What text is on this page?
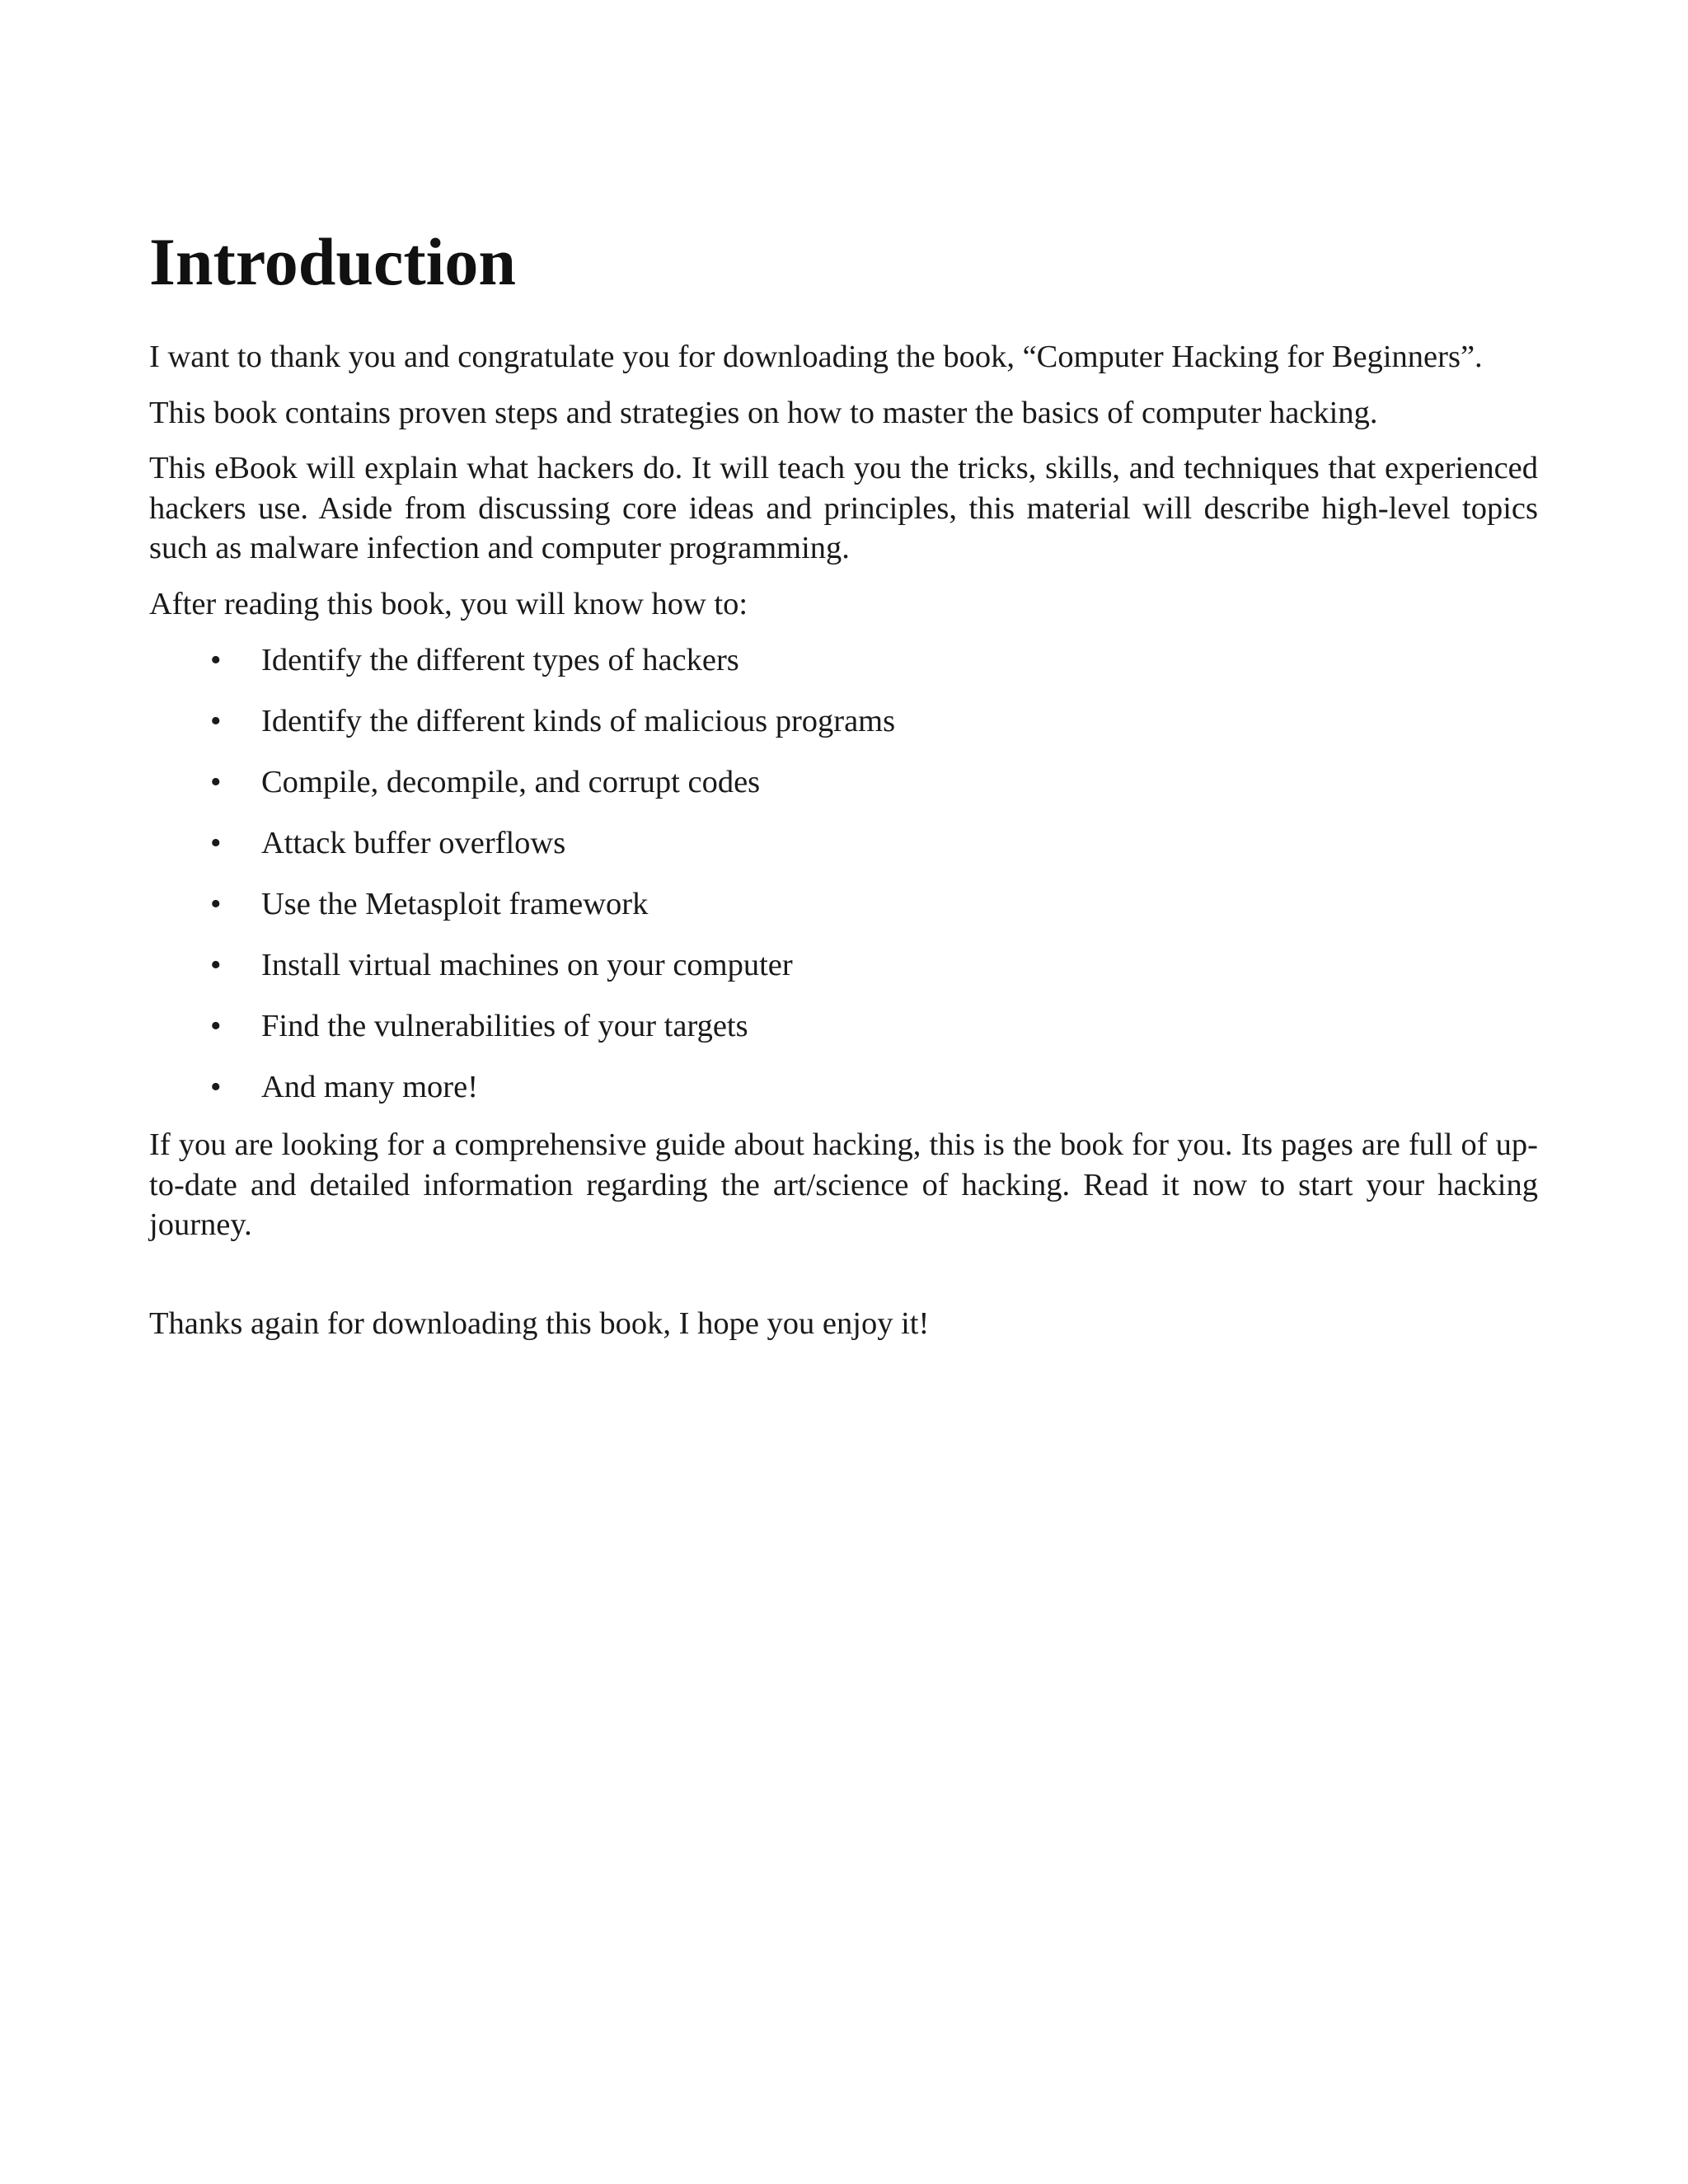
Introduction

I want to thank you and congratulate you for downloading the book, “Computer Hacking for Beginners”.

This book contains proven steps and strategies on how to master the basics of computer hacking.

This eBook will explain what hackers do. It will teach you the tricks, skills, and techniques that experienced hackers use. Aside from discussing core ideas and principles, this material will describe high-level topics such as malware infection and computer programming.

After reading this book, you will know how to:

• Identify the different types of hackers
• Identify the different kinds of malicious programs
• Compile, decompile, and corrupt codes
• Attack buffer overflows
• Use the Metasploit framework
• Install virtual machines on your computer
• Find the vulnerabilities of your targets
• And many more!

If you are looking for a comprehensive guide about hacking, this is the book for you. Its pages are full of up-to-date and detailed information regarding the art/science of hacking. Read it now to start your hacking journey.

Thanks again for downloading this book, I hope you enjoy it!
